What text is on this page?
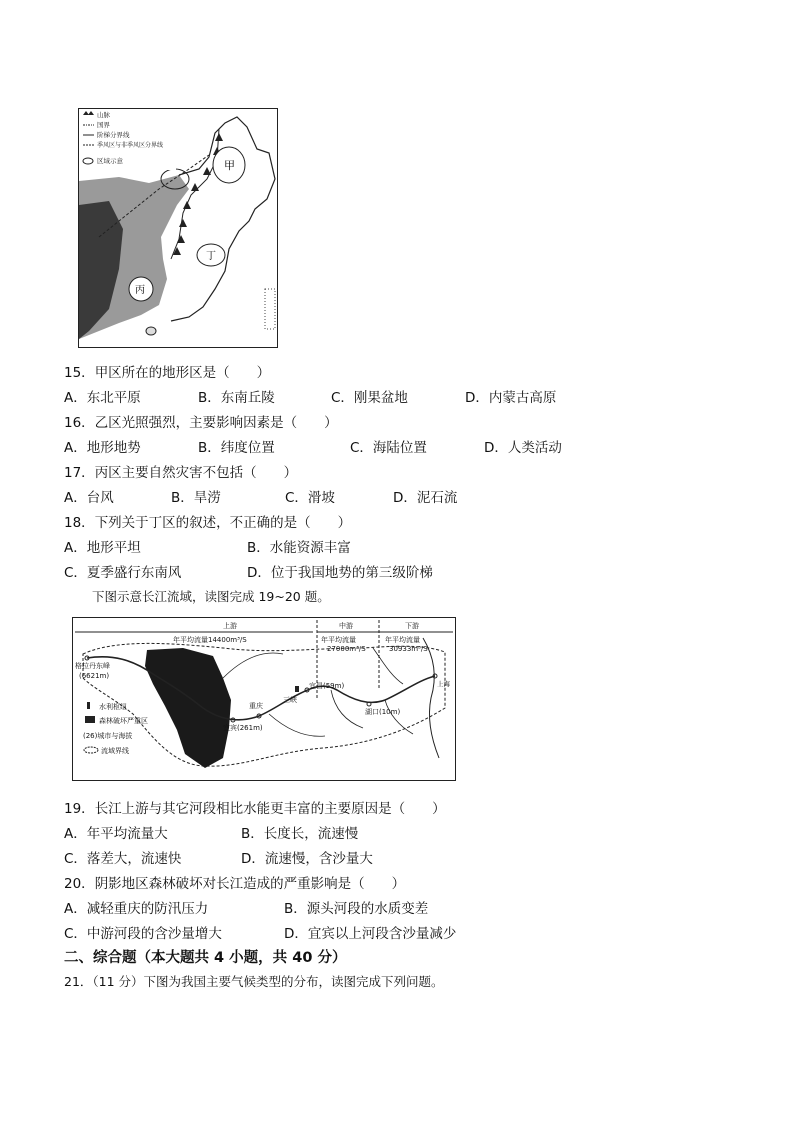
甲
丁
丙
山脉
国界
阶梯分界线
季风区与非季风区分界线
区域示意
15．甲区所在的地形区是（　　）
A．东北平原	B．东南丘陵	C．刚果盆地	D．内蒙古高原
16．乙区光照强烈，主要影响因素是（　　）
A．地形地势	B．纬度位置	C．海陆位置	D．人类活动
17．丙区主要自然灾害不包括（　　）
A．台风	B．旱涝	C．滑坡	D．泥石流
18．下列关于丁区的叙述，不正确的是（　　）
A．地形平坦	B．水能资源丰富
C．夏季盛行东南风	D．位于我国地势的第三级阶梯
下图示意长江流域，读图完成 19~20 题。
上游
年平均流量14400m³/S
中游
年平均流量
27000m³/S
下游
年平均流量
30933m³/S
格拉丹东峰
(6621m)
重庆
三峡
宜昌(59m)
宜宾(261m)
湖口(10m)
上海
水利枢纽
森林破坏严重区
(26)城市与海拔
流域界线
19．长江上游与其它河段相比水能更丰富的主要原因是（　　）
A．年平均流量大	B．长度长，流速慢
C．落差大，流速快	D．流速慢，含沙量大
20．阴影地区森林破坏对长江造成的严重影响是（　　）
A．减轻重庆的防汛压力	B．源头河段的水质变差
C．中游河段的含沙量增大	D．宜宾以上河段含沙量减少
二、综合题（本大题共 4 小题，共 40 分）
21．（11 分）下图为我国主要气候类型的分布，读图完成下列问题。
